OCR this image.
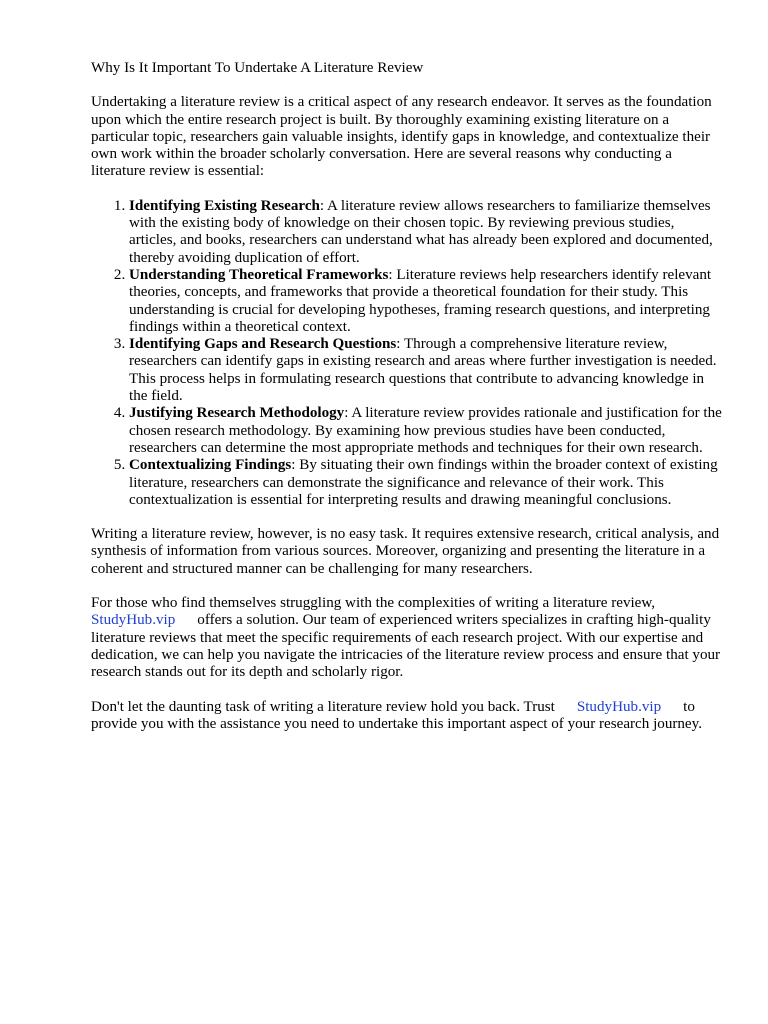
Why Is It Important To Undertake A Literature Review

Undertaking a literature review is a critical aspect of any research endeavor. It serves as the foundation upon which the entire research project is built. By thoroughly examining existing literature on a particular topic, researchers gain valuable insights, identify gaps in knowledge, and contextualize their own work within the broader scholarly conversation. Here are several reasons why conducting a literature review is essential:

1. Identifying Existing Research: A literature review allows researchers to familiarize themselves with the existing body of knowledge on their chosen topic. By reviewing previous studies, articles, and books, researchers can understand what has already been explored and documented, thereby avoiding duplication of effort.
2. Understanding Theoretical Frameworks: Literature reviews help researchers identify relevant theories, concepts, and frameworks that provide a theoretical foundation for their study. This understanding is crucial for developing hypotheses, framing research questions, and interpreting findings within a theoretical context.
3. Identifying Gaps and Research Questions: Through a comprehensive literature review, researchers can identify gaps in existing research and areas where further investigation is needed. This process helps in formulating research questions that contribute to advancing knowledge in the field.
4. Justifying Research Methodology: A literature review provides rationale and justification for the chosen research methodology. By examining how previous studies have been conducted, researchers can determine the most appropriate methods and techniques for their own research.
5. Contextualizing Findings: By situating their own findings within the broader context of existing literature, researchers can demonstrate the significance and relevance of their work. This contextualization is essential for interpreting results and drawing meaningful conclusions.

Writing a literature review, however, is no easy task. It requires extensive research, critical analysis, and synthesis of information from various sources. Moreover, organizing and presenting the literature in a coherent and structured manner can be challenging for many researchers.

For those who find themselves struggling with the complexities of writing a literature review, StudyHub.vip offers a solution. Our team of experienced writers specializes in crafting high-quality literature reviews that meet the specific requirements of each research project. With our expertise and dedication, we can help you navigate the intricacies of the literature review process and ensure that your research stands out for its depth and scholarly rigor.

Don't let the daunting task of writing a literature review hold you back. Trust StudyHub.vip to provide you with the assistance you need to undertake this important aspect of your research journey.
